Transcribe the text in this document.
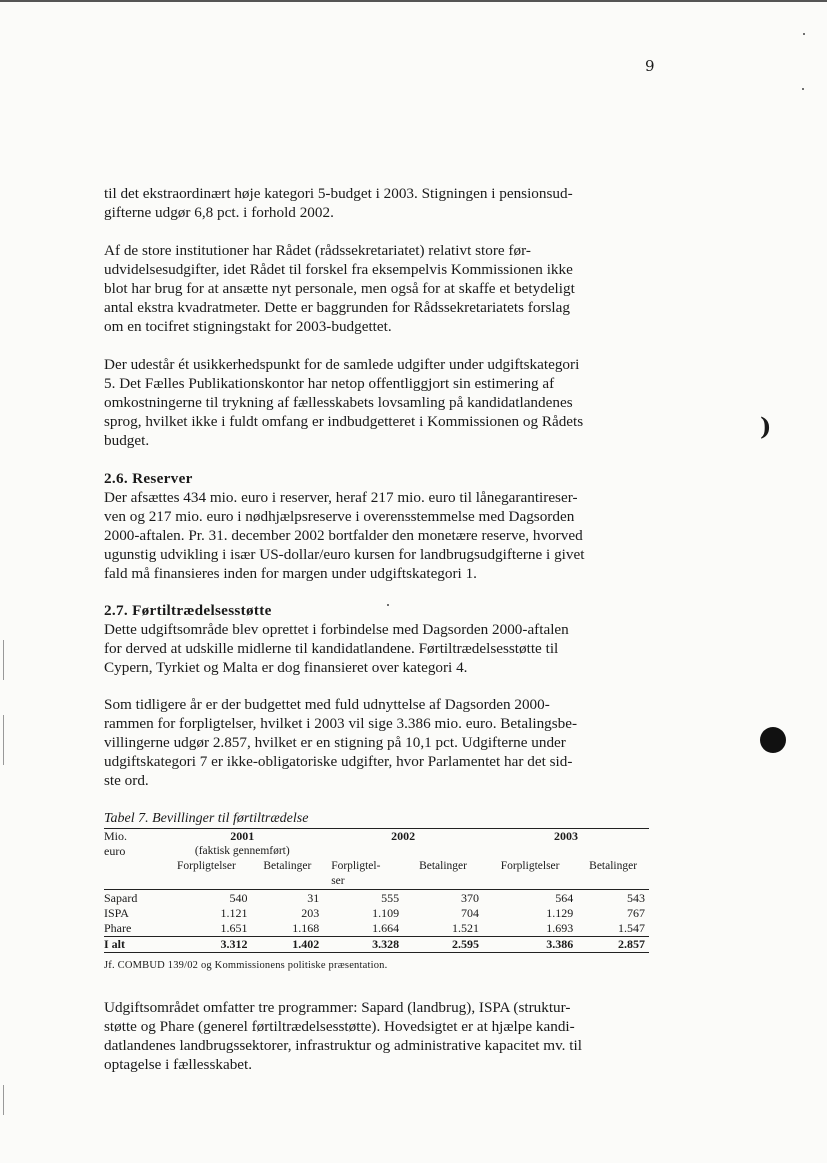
9
)

til det ekstraordinært høje kategori 5-budget i 2003. Stigningen i pensionsud-
gifterne udgør 6,8 pct. i forhold 2002.

Af de store institutioner har Rådet (rådssekretariatet) relativt store før-
udvidelsesudgifter, idet Rådet til forskel fra eksempelvis Kommissionen ikke
blot har brug for at ansætte nyt personale, men også for at skaffe et betydeligt
antal ekstra kvadratmeter. Dette er baggrunden for Rådssekretariatets forslag
om en tocifret stigningstakt for 2003-budgettet.

Der udestår ét usikkerhedspunkt for de samlede udgifter under udgiftskategori
5. Det Fælles Publikationskontor har netop offentliggjort sin estimering af
omkostningerne til trykning af fællesskabets lovsamling på kandidatlandenes
sprog, hvilket ikke i fuldt omfang er indbudgetteret i Kommissionen og Rådets
budget.

2.6. Reserver

Der afsættes 434 mio. euro i reserver, heraf 217 mio. euro til lånegarantireser-
ven og 217 mio. euro i nødhjælpsreserve i overensstemmelse med Dagsorden
2000-aftalen. Pr. 31. december 2002 bortfalder den monetære reserve, hvorved
ugunstig udvikling i især US-dollar/euro kursen for landbrugsudgifterne i givet
fald må finansieres inden for margen under udgiftskategori 1.

2.7. Førtiltrædelsesstøtte

Dette udgiftsområde blev oprettet i forbindelse med Dagsorden 2000-aftalen
for derved at udskille midlerne til kandidatlandene. Førtiltrædelsesstøtte til
Cypern, Tyrkiet og Malta er dog finansieret over kategori 4.

Som tidligere år er der budgettet med fuld udnyttelse af Dagsorden 2000-
rammen for forpligtelser, hvilket i 2003 vil sige 3.386 mio. euro. Betalingsbe-
villingerne udgør 2.857, hvilket er en stigning på 10,1 pct. Udgifterne under
udgiftskategori 7 er ikke-obligatoriske udgifter, hvor Parlamentet har det sid-
ste ord.

Tabel 7. Bevillinger til førtiltrædelse
Mio.	2001		2002		2003	
euro	(faktisk gennemført)					
	Forpligtelser	Betalinger	Forpligtel-
ser	Betalinger	Forpligtelser	Betalinger
Sapard	540	31	555	370	564	543
ISPA	1.121	203	1.109	704	1.129	767
Phare	1.651	1.168	1.664	1.521	1.693	1.547
I alt	3.312	1.402	3.328	2.595	3.386	2.857
Jf. COMBUD 139/02 og Kommissionens politiske præsentation.

Udgiftsområdet omfatter tre programmer: Sapard (landbrug), ISPA (struktur-
støtte og Phare (generel førtiltrædelsesstøtte). Hovedsigtet er at hjælpe kandi-
datlandenes landbrugssektorer, infrastruktur og administrative kapacitet mv. til
optagelse i fællesskabet.
